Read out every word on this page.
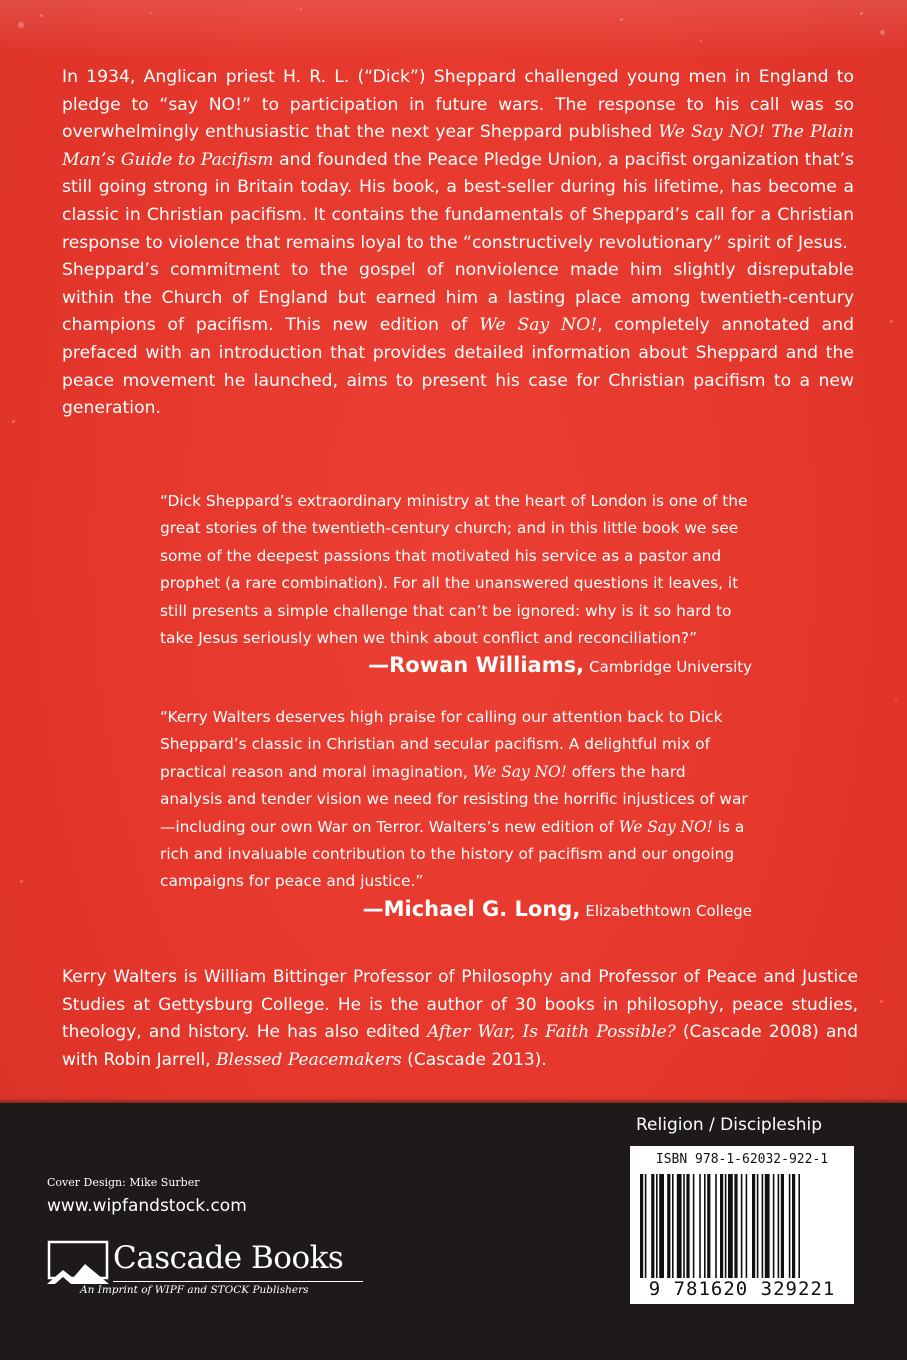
In 1934, Anglican priest H. R. L. (“Dick”) Sheppard challenged young men in England to pledge to “say NO!” to participation in future wars. The response to his call was so overwhelmingly enthusiastic that the next year Sheppard published We Say NO! The Plain Man’s Guide to Pacifism and founded the Peace Pledge Union, a pacifist organization that’s still going strong in Britain today. His book, a best-seller during his lifetime, has become a classic in Christian pacifism. It contains the fundamentals of Sheppard’s call for a Christian response to violence that remains loyal to the “constructively revolutionary” spirit of Jesus.

Sheppard’s commitment to the gospel of nonviolence made him slightly disreputable within the Church of England but earned him a lasting place among twentieth-century champions of pacifism. This new edition of We Say NO!, completely annotated and prefaced with an introduction that provides detailed information about Sheppard and the peace movement he launched, aims to present his case for Christian pacifism to a new generation.

“Dick Sheppard’s extraordinary ministry at the heart of London is one of the great stories of the twentieth-century church; and in this little book we see some of the deepest passions that motivated his service as a pastor and prophet (a rare combination). For all the unanswered questions it leaves, it still presents a simple challenge that can’t be ignored: why is it so hard to take Jesus seriously when we think about conflict and reconciliation?”

—Rowan Williams, Cambridge University

“Kerry Walters deserves high praise for calling our attention back to Dick Sheppard’s classic in Christian and secular pacifism. A delightful mix of practical reason and moral imagination, We Say NO! offers the hard analysis and tender vision we need for resisting the horrific injustices of war—including our own War on Terror. Walters’s new edition of We Say NO! is a rich and invaluable contribution to the history of pacifism and our ongoing campaigns for peace and justice.”

—Michael G. Long, Elizabethtown College

Kerry Walters is William Bittinger Professor of Philosophy and Professor of Peace and Justice Studies at Gettysburg College. He is the author of 30 books in philosophy, peace studies, theology, and history. He has also edited After War, Is Faith Possible? (Cascade 2008) and with Robin Jarrell, Blessed Peacemakers (Cascade 2013).

Religion / Discipleship
Cover Design: Mike Surber
www.wipfandstock.com
Cascade Books
An Imprint of WIPF and STOCK Publishers
ISBN 978-1-62032-922-1
9 781620 329221
